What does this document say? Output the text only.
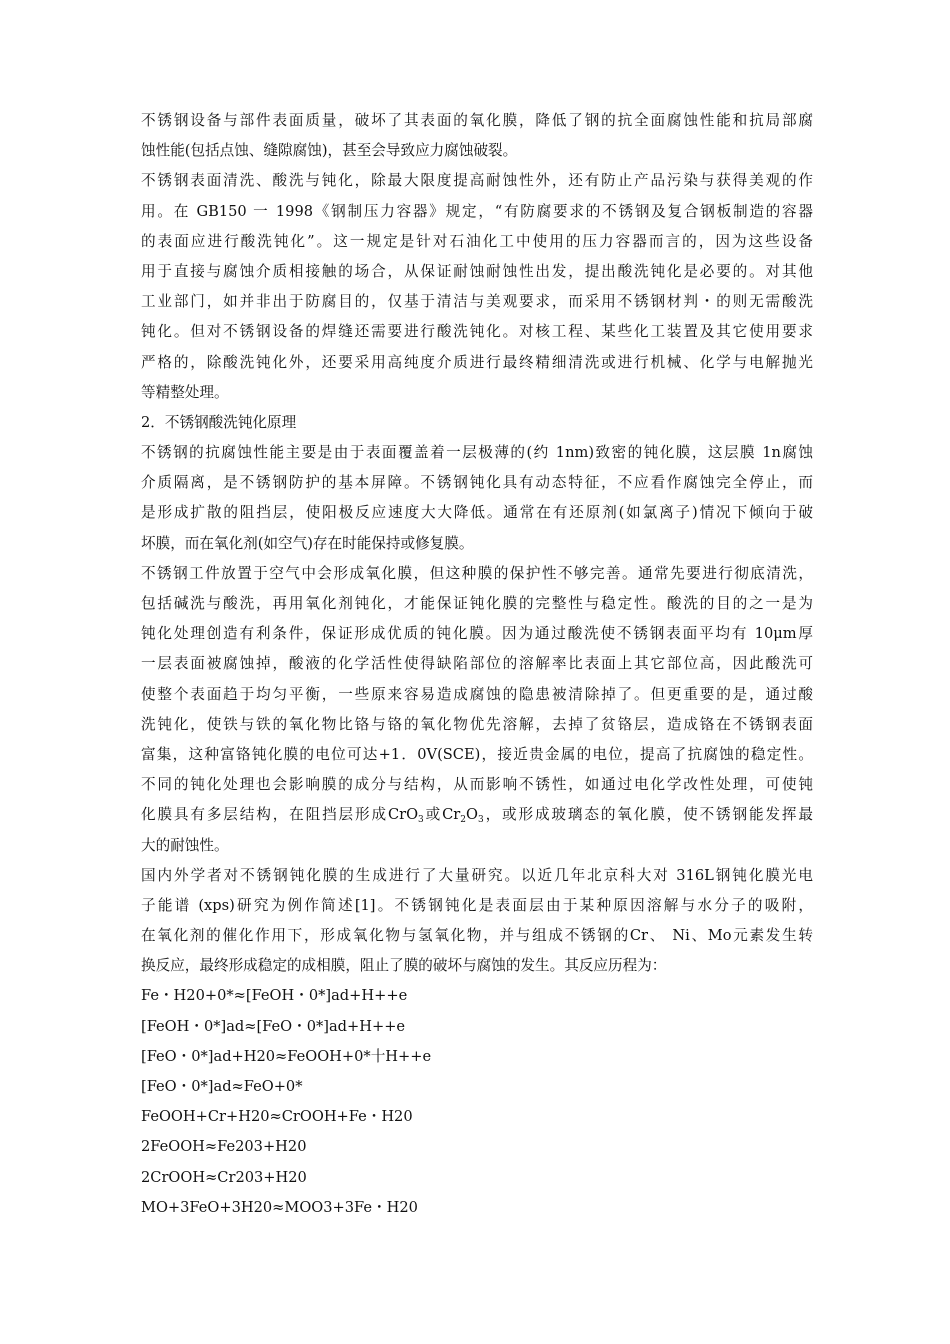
不锈钢设备与部件表面质量，破坏了其表面的氧化膜，降低了钢的抗全面腐蚀性能和抗局部腐
蚀性能(包括点蚀、缝隙腐蚀)，甚至会导致应力腐蚀破裂。
不锈钢表面清洗、酸洗与钝化，除最大限度提高耐蚀性外，还有防止产品污染与获得美观的作
用。在 GB150 一 1998《钢制压力容器》规定，“有防腐要求的不锈钢及复合钢板制造的容器
的表面应进行酸洗钝化”。这一规定是针对石油化工中使用的压力容器而言的，因为这些设备
用于直接与腐蚀介质相接触的场合，从保证耐蚀耐蚀性出发，提出酸洗钝化是必要的。对其他
工业部门，如并非出于防腐目的，仅基于清洁与美观要求，而采用不锈钢材判・的则无需酸洗
钝化。但对不锈钢设备的焊缝还需要进行酸洗钝化。对核工程、某些化工装置及其它使用要求
严格的，除酸洗钝化外，还要采用高纯度介质进行最终精细清洗或进行机械、化学与电解抛光
等精整处理。
2．不锈钢酸洗钝化原理
不锈钢的抗腐蚀性能主要是由于表面覆盖着一层极薄的(约 1nm)致密的钝化膜，这层膜 1n腐蚀
介质隔离，是不锈钢防护的基本屏障。不锈钢钝化具有动态特征，不应看作腐蚀完全停止，而
是形成扩散的阻挡层，使阳极反应速度大大降低。通常在有还原剂(如氯离子)情况下倾向于破
坏膜，而在氧化剂(如空气)存在时能保持或修复膜。
不锈钢工件放置于空气中会形成氧化膜，但这种膜的保护性不够完善。通常先要进行彻底清洗，
包括碱洗与酸洗，再用氧化剂钝化，才能保证钝化膜的完整性与稳定性。酸洗的目的之一是为
钝化处理创造有利条件，保证形成优质的钝化膜。因为通过酸洗使不锈钢表面平均有 10μm厚
一层表面被腐蚀掉，酸液的化学活性使得缺陷部位的溶解率比表面上其它部位高，因此酸洗可
使整个表面趋于均匀平衡，一些原来容易造成腐蚀的隐患被清除掉了。但更重要的是，通过酸
洗钝化，使铁与铁的氧化物比铬与铬的氧化物优先溶解，去掉了贫铬层，造成铬在不锈钢表面
富集，这种富铬钝化膜的电位可达+1．0V(SCE)，接近贵金属的电位，提高了抗腐蚀的稳定性。
不同的钝化处理也会影响膜的成分与结构，从而影响不锈性，如通过电化学改性处理，可使钝
化膜具有多层结构，在阻挡层形成CrO$_3$或$Cr_2O_3$，或形成玻璃态的氧化膜，使不锈钢能发挥最
大的耐蚀性。
国内外学者对不锈钢钝化膜的生成进行了大量研究。以近几年北京科大对 316L钢钝化膜光电
子能谱 (xps)研究为例作简述[1]。不锈钢钝化是表面层由于某种原因溶解与水分子的吸附，
在氧化剂的催化作用下，形成氧化物与氢氧化物，并与组成不锈钢的Cr、 Ni、Mo元素发生转
换反应，最终形成稳定的成相膜，阻止了膜的破坏与腐蚀的发生。其反应历程为：
Fe・H20+0*≈[FeOH・0*]ad+H++e
[FeOH・0*]ad≈[FeO・0*]ad+H++e
[FeO・0*]ad+H20≈FeOOH+0*十H++e
[FeO・0*]ad≈FeO+0*
FeOOH+Cr+H20≈CrOOH+Fe・H20
2FeOOH≈Fe203+H20
2CrOOH≈Cr203+H20
MO+3FeO+3H20≈MOO3+3Fe・H20
